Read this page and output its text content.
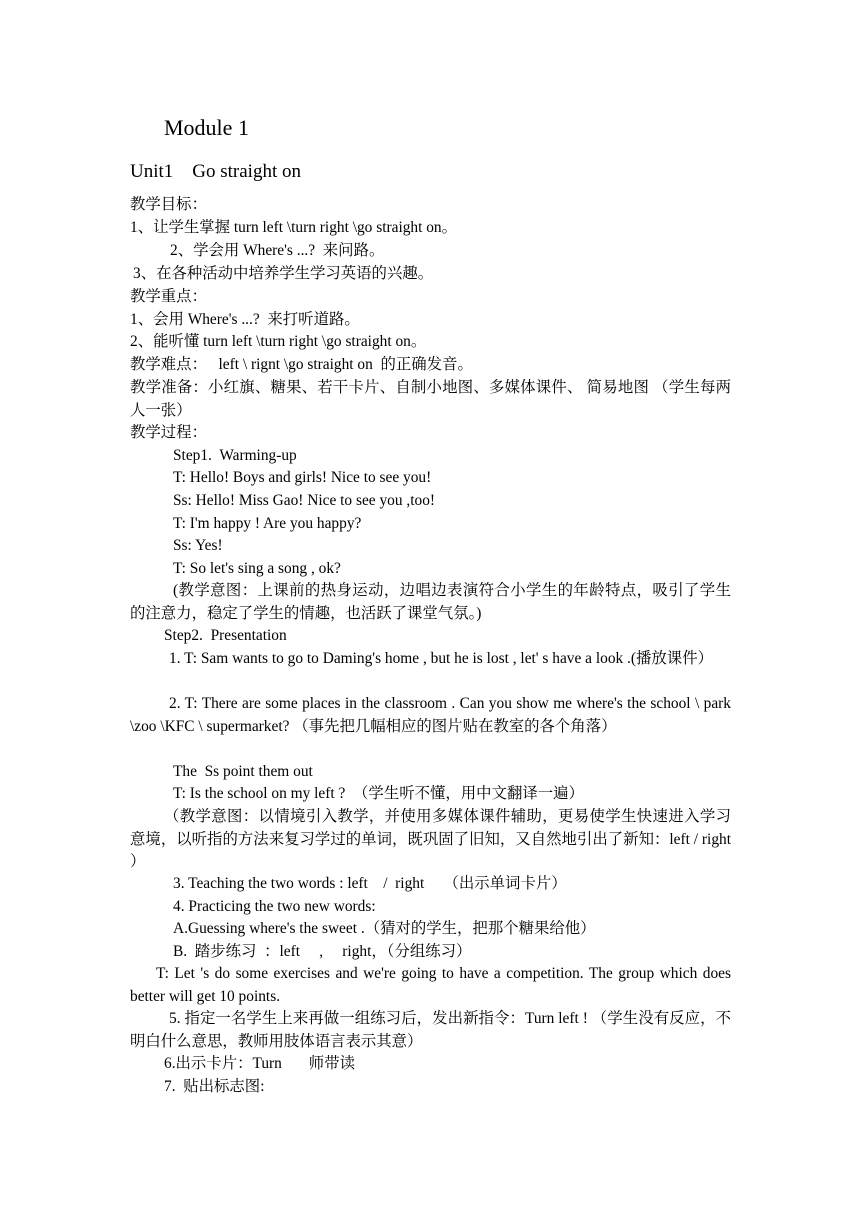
Module 1
Unit1    Go straight on
教学目标：
1、让学生掌握 turn left \turn right \go straight on。
2、学会用 Where's ...?  来问路。
3、在各种活动中培养学生学习英语的兴趣。
教学重点：
1、会用 Where's ...?  来打听道路。
2、能听懂 turn left \turn right \go straight on。
教学难点：   left \ rignt \go straight on  的正确发音。
教学准备：小红旗、糖果、若干卡片、自制小地图、多媒体课件、 简易地图 （学生每两人一张）
教学过程：
Step1.  Warming-up
T: Hello! Boys and girls! Nice to see you!
Ss: Hello! Miss Gao! Nice to see you ,too!
T: I'm happy ! Are you happy?
Ss: Yes!
T: So let's sing a song , ok?
(教学意图：上课前的热身运动，边唱边表演符合小学生的年龄特点，吸引了学生的注意力，稳定了学生的情趣，也活跃了课堂气氛。)
Step2.  Presentation
1. T: Sam wants to go to Daming's home , but he is lost , let' s have a look .(播放课件）
2. T: There are some places in the classroom . Can you show me where's the school \ park \zoo \KFC \ supermarket? （事先把几幅相应的图片贴在教室的各个角落）
The  Ss point them out
T: Is the school on my left ?  （学生听不懂，用中文翻译一遍）
（教学意图：以情境引入教学，并使用多媒体课件辅助，更易使学生快速进入学习意境，以听指的方法来复习学过的单词，既巩固了旧知，又自然地引出了新知：left / right ）
3. Teaching the two words : left    /  right     （出示单词卡片）
4. Practicing the two new words:
A.Guessing where's the sweet .（猜对的学生，把那个糖果给他）
B.  踏步练习  ：left     ,     right，（分组练习）
T: Let 's do some exercises and we're going to have a competition. The group which does better will get 10 points.
5. 指定一名学生上来再做一组练习后，发出新指令：Turn left ! （学生没有反应，不明白什么意思，教师用肢体语言表示其意）
6.出示卡片：Turn       师带读
7.  贴出标志图:
